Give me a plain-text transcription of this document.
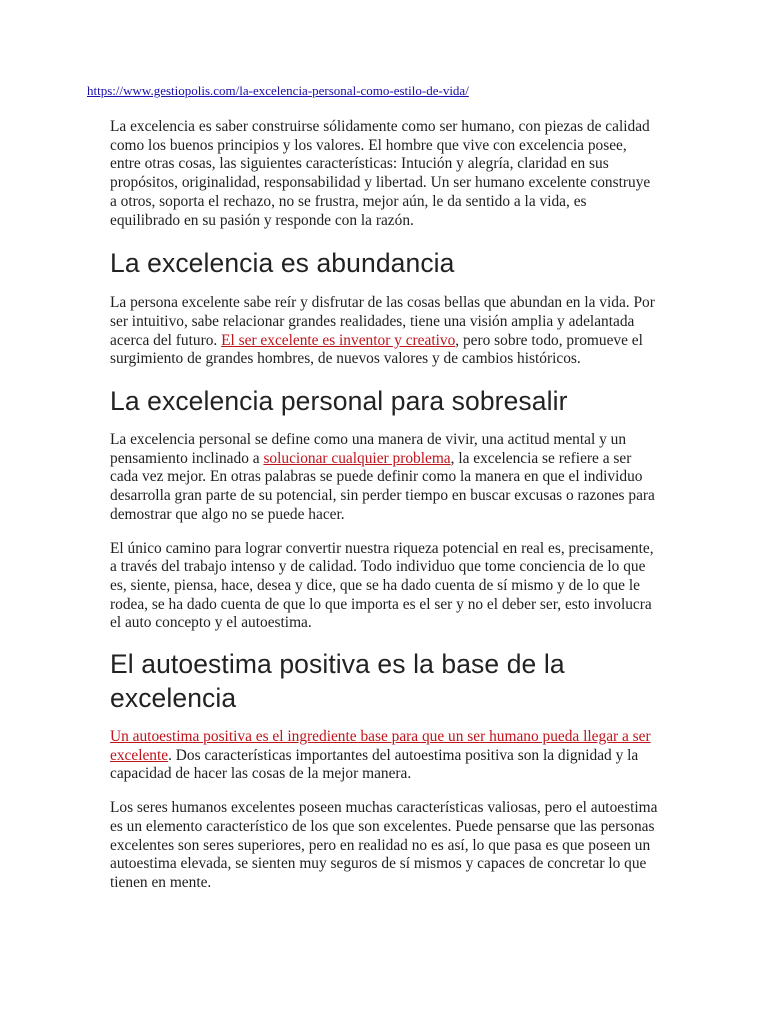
https://www.gestiopolis.com/la-excelencia-personal-como-estilo-de-vida/

La excelencia es saber construirse sólidamente como ser humano, con piezas de calidad como los buenos principios y los valores. El hombre que vive con excelencia posee, entre otras cosas, las siguientes características: Intución y alegría, claridad en sus propósitos, originalidad, responsabilidad y libertad. Un ser humano excelente construye a otros, soporta el rechazo, no se frustra, mejor aún, le da sentido a la vida, es equilibrado en su pasión y responde con la razón.

La excelencia es abundancia

La persona excelente sabe reír y disfrutar de las cosas bellas que abundan en la vida. Por ser intuitivo, sabe relacionar grandes realidades, tiene una visión amplia y adelantada acerca del futuro. El ser excelente es inventor y creativo, pero sobre todo, promueve el surgimiento de grandes hombres, de nuevos valores y de cambios históricos.

La excelencia personal para sobresalir

La excelencia personal se define como una manera de vivir, una actitud mental y un pensamiento inclinado a solucionar cualquier problema, la excelencia se refiere a ser cada vez mejor. En otras palabras se puede definir como la manera en que el individuo desarrolla gran parte de su potencial, sin perder tiempo en buscar excusas o razones para demostrar que algo no se puede hacer.

El único camino para lograr convertir nuestra riqueza potencial en real es, precisamente, a través del trabajo intenso y de calidad. Todo individuo que tome conciencia de lo que es, siente, piensa, hace, desea y dice, que se ha dado cuenta de sí mismo y de lo que le rodea, se ha dado cuenta de que lo que importa es el ser y no el deber ser, esto involucra el auto concepto y el autoestima.

El autoestima positiva es la base de la excelencia

Un autoestima positiva es el ingrediente base para que un ser humano pueda llegar a ser excelente. Dos características importantes del autoestima positiva son la dignidad y la capacidad de hacer las cosas de la mejor manera.

Los seres humanos excelentes poseen muchas características valiosas, pero el autoestima es un elemento característico de los que son excelentes. Puede pensarse que las personas excelentes son seres superiores, pero en realidad no es así, lo que pasa es que poseen un autoestima elevada, se sienten muy seguros de sí mismos y capaces de concretar lo que tienen en mente.
